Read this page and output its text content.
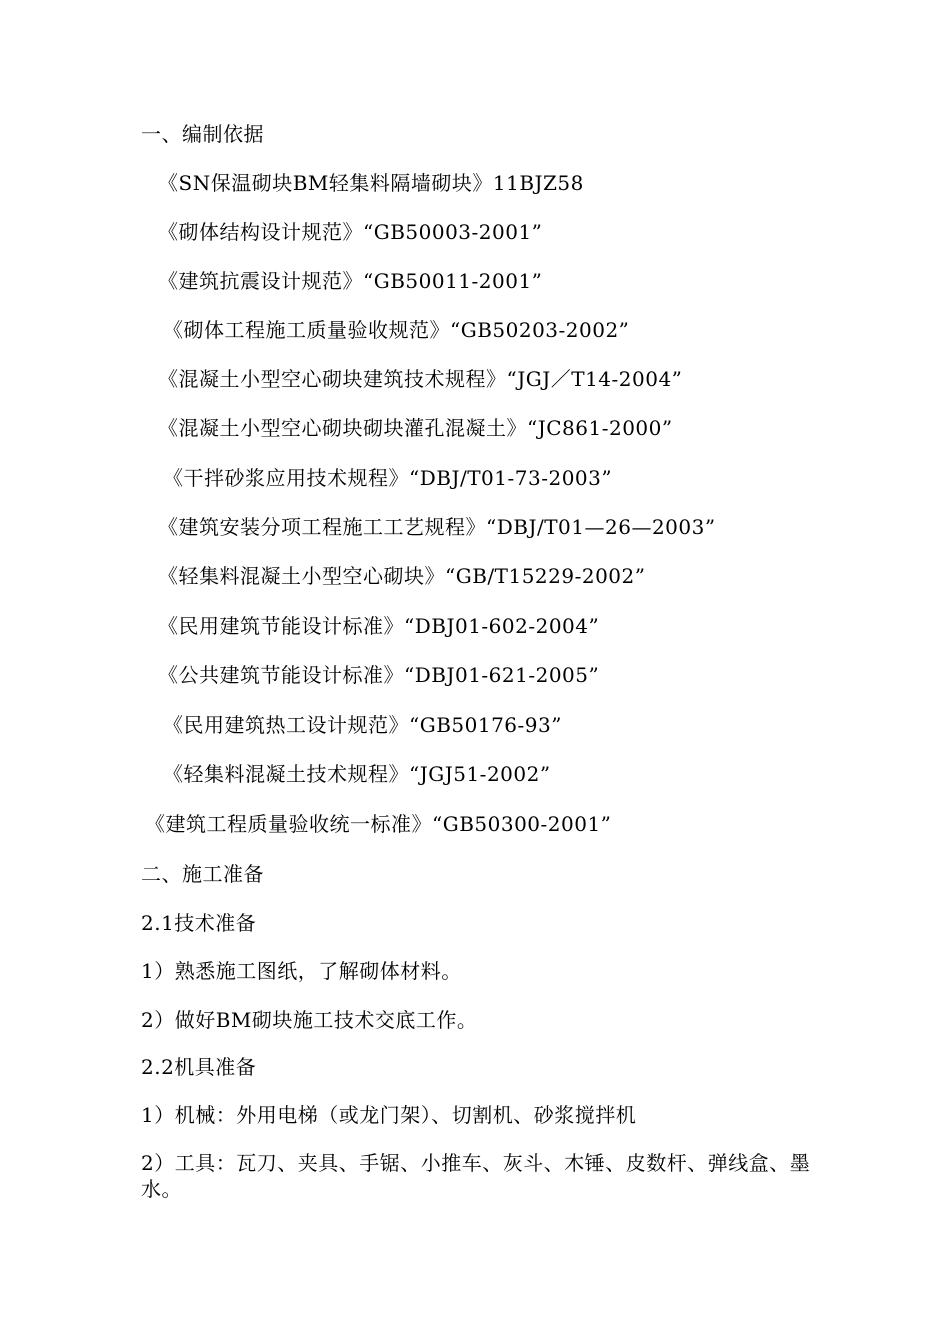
一、编制依据
《SN保温砌块BM轻集料隔墙砌块》11BJZ58
《砌体结构设计规范》“GB50003-2001”
《建筑抗震设计规范》“GB50011-2001”
《砌体工程施工质量验收规范》“GB50203-2002”
《混凝土小型空心砌块建筑技术规程》“JGJ／T14-2004”
《混凝土小型空心砌块砌块灌孔混凝土》“JC861-2000”
《干拌砂浆应用技术规程》“DBJ/T01-73-2003”
《建筑安装分项工程施工工艺规程》“DBJ/T01—26—2003”
《轻集料混凝土小型空心砌块》“GB/T15229-2002”
《民用建筑节能设计标准》“DBJ01-602-2004”
《公共建筑节能设计标准》“DBJ01-621-2005”
《民用建筑热工设计规范》“GB50176-93”
《轻集料混凝土技术规程》“JGJ51-2002”
《建筑工程质量验收统一标准》“GB50300-2001”
二、施工准备
2.1技术准备
1）熟悉施工图纸，了解砌体材料。
2）做好BM砌块施工技术交底工作。
2.2机具准备
1）机械：外用电梯（或龙门架）、切割机、砂浆搅拌机
2）工具：瓦刀、夹具、手锯、小推车、灰斗、木锤、皮数杆、弹线盒、墨水。
